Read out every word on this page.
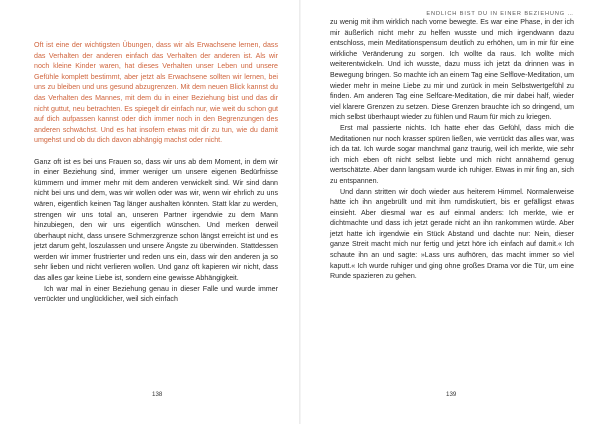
Oft ist eine der wichtigsten Übungen, dass wir als Erwachsene lernen, dass das Verhalten der anderen einfach das Verhalten der anderen ist. Als wir noch kleine Kinder waren, hat dieses Verhalten unser Leben und unsere Gefühle komplett bestimmt, aber jetzt als Erwachsene sollten wir lernen, bei uns zu bleiben und uns gesund abzugrenzen. Mit dem neuen Blick kannst du das Verhalten des Mannes, mit dem du in einer Beziehung bist und das dir nicht guttut, neu betrachten. Es spiegelt dir einfach nur, wie weit du schon gut auf dich aufpassen kannst oder dich immer noch in den Begrenzungen des anderen schwächst. Und es hat insofern etwas mit dir zu tun, wie du damit umgehst und ob du dich davon abhängig machst oder nicht.

Ganz oft ist es bei uns Frauen so, dass wir uns ab dem Moment, in dem wir in einer Beziehung sind, immer weniger um unsere eigenen Bedürfnisse kümmern und immer mehr mit dem anderen verwickelt sind. Wir sind dann nicht bei uns und dem, was wir wollen oder was wir, wenn wir ehrlich zu uns wären, eigentlich keinen Tag länger aushalten könnten. Statt klar zu werden, strengen wir uns total an, unseren Partner irgendwie zu dem Mann hinzubiegen, den wir uns eigentlich wünschen. Und merken derweil überhaupt nicht, dass unsere Schmerzgrenze schon längst erreicht ist und es jetzt darum geht, loszulassen und unsere Ängste zu überwinden. Stattdessen werden wir immer frustrierter und reden uns ein, dass wir den anderen ja so sehr lieben und nicht verlieren wollen. Und ganz oft kapieren wir nicht, dass das alles gar keine Liebe ist, sondern eine gewisse Abhängigkeit.

Ich war mal in einer Beziehung genau in dieser Falle und wurde immer verrückter und unglücklicher, weil sich einfach

138
ENDLICH BIST DU IN EINER BEZIEHUNG …

zu wenig mit ihm wirklich nach vorne bewegte. Es war eine Phase, in der ich mir äußerlich nicht mehr zu helfen wusste und mich irgendwann dazu entschloss, mein Meditationspensum deutlich zu erhöhen, um in mir für eine wirkliche Veränderung zu sorgen. Ich wollte da raus. Ich wollte mich weiterentwickeln. Und ich wusste, dazu muss ich jetzt da drinnen was in Bewegung bringen. So machte ich an einem Tag eine Selflove-Meditation, um wieder mehr in meine Liebe zu mir und zurück in mein Selbstwertgefühl zu finden. Am anderen Tag eine Selfcare-Meditation, die mir dabei half, wieder viel klarere Grenzen zu setzen. Diese Grenzen brauchte ich so dringend, um mich selbst überhaupt wieder zu fühlen und Raum für mich zu kriegen.

Erst mal passierte nichts. Ich hatte eher das Gefühl, dass mich die Meditationen nur noch krasser spüren ließen, wie verrückt das alles war, was ich da tat. Ich wurde sogar manchmal ganz traurig, weil ich merkte, wie sehr ich mich eben oft nicht selbst liebte und mich nicht annähernd genug wertschätzte. Aber dann langsam wurde ich ruhiger. Etwas in mir fing an, sich zu entspannen.

Und dann stritten wir doch wieder aus heiterem Himmel. Normalerweise hätte ich ihn angebrüllt und mit ihm rumdiskutiert, bis er gefälligst etwas einsieht. Aber diesmal war es auf einmal anders: Ich merkte, wie er dichtmachte und dass ich jetzt gerade nicht an ihn rankommen würde. Aber jetzt hatte ich irgendwie ein Stück Abstand und dachte nur: Nein, dieser ganze Streit macht mich nur fertig und jetzt höre ich einfach auf damit.« Ich schaute ihn an und sagte: »Lass uns aufhören, das macht immer so viel kaputt.« Ich wurde ruhiger und ging ohne großes Drama vor die Tür, um eine Runde spazieren zu gehen.

139
